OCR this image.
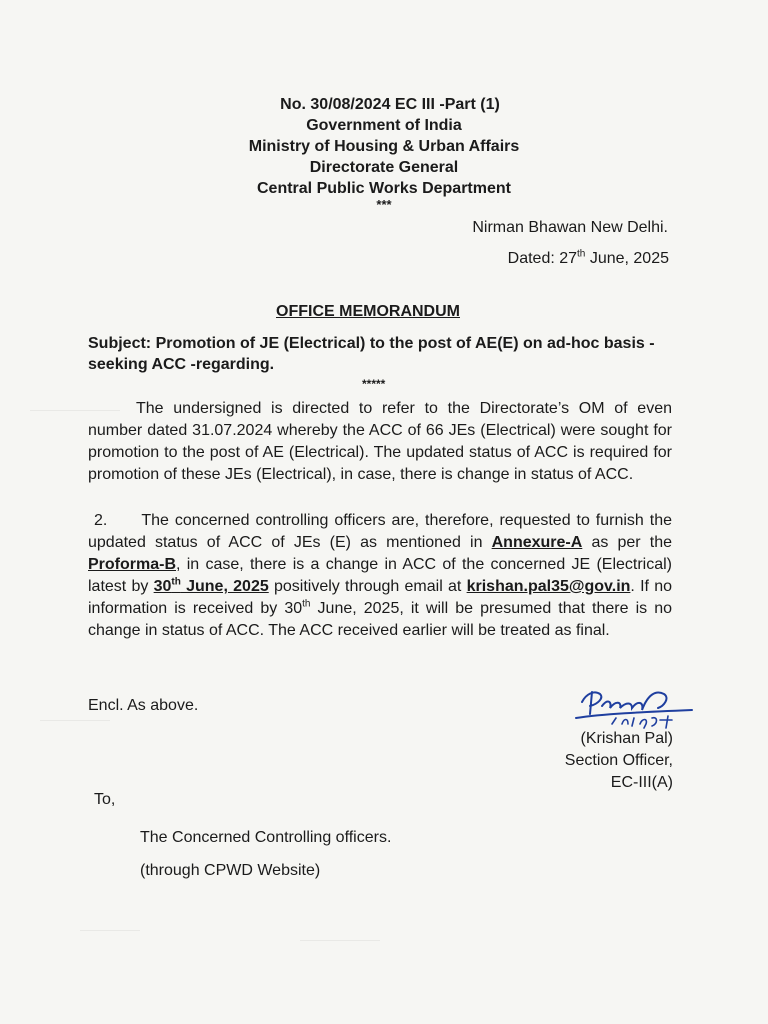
No. 30/08/2024 EC III -Part (1)
Government of India
Ministry of Housing & Urban Affairs
Directorate General
Central Public Works Department
***
Nirman Bhawan New Delhi.
Dated: 27th June, 2025
OFFICE MEMORANDUM
Subject: Promotion of JE (Electrical) to the post of AE(E) on ad-hoc basis - seeking ACC -regarding.
*****
The undersigned is directed to refer to the Directorate’s OM of even number dated 31.07.2024 whereby the ACC of 66 JEs (Electrical) were sought for promotion to the post of AE (Electrical). The updated status of ACC is required for promotion of these JEs (Electrical), in case, there is change in status of ACC.
2. The concerned controlling officers are, therefore, requested to furnish the updated status of ACC of JEs (E) as mentioned in Annexure-A as per the Proforma-B, in case, there is a change in ACC of the concerned JE (Electrical) latest by 30th June, 2025 positively through email at krishan.pal35@gov.in. If no information is received by 30th June, 2025, it will be presumed that there is no change in status of ACC. The ACC received earlier will be treated as final.
Encl. As above.
(Krishan Pal)
Section Officer,
EC-III(A)
To,
The Concerned Controlling officers.
(through CPWD Website)
